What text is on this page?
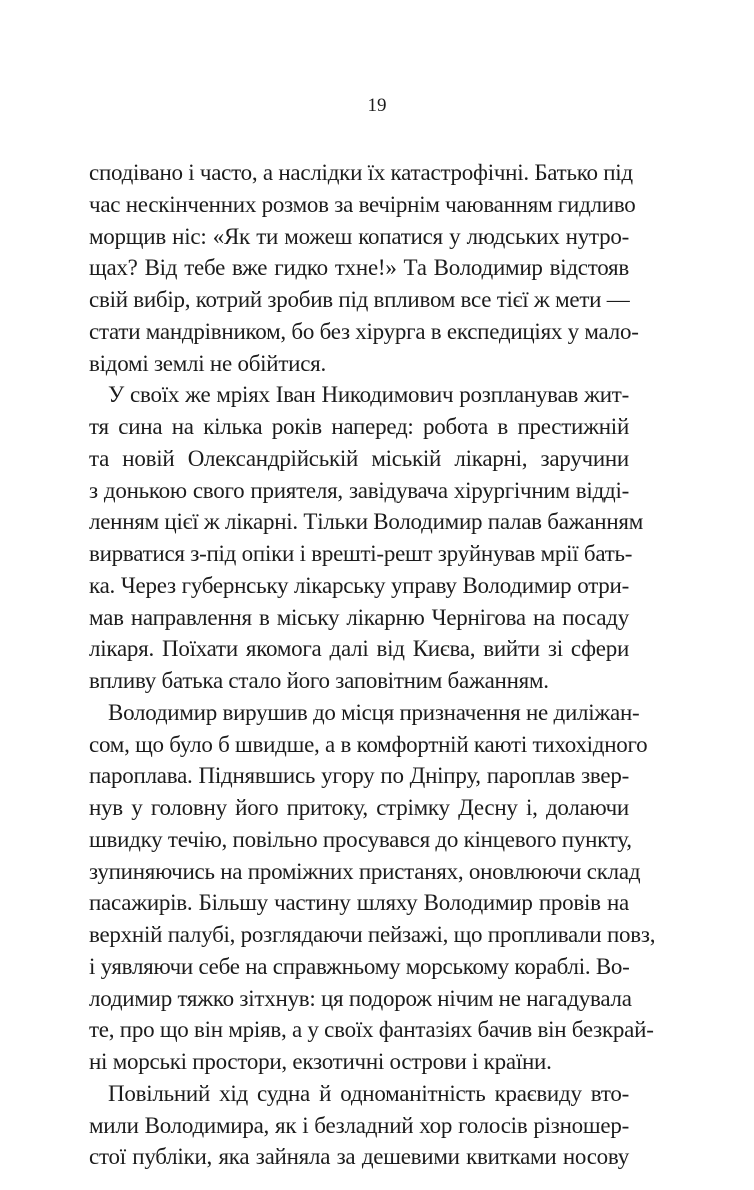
19
сподівано і часто, а наслідки їх катастрофічні. Батько під
час нескінченних розмов за вечірнім чаюванням гидливо
морщив ніс: «Як ти можеш копатися у людських нутро-
щах? Від тебе вже гидко тхне!» Та Володимир відстояв
свій вибір, котрий зробив під впливом все тієї ж мети —
стати мандрівником, бо без хірурга в експедиціях у мало-
відомі землі не обійтися.
У своїх же мріях Іван Никодимович розпланував жит-
тя сина на кілька років наперед: робота в престижній
та новій Олександрійській міській лікарні, заручини
з донькою свого приятеля, завідувача хірургічним відді-
ленням цієї ж лікарні. Тільки Володимир палав бажанням
вирватися з-під опіки і врешті-решт зруйнував мрії бать-
ка. Через губернську лікарську управу Володимир отри-
мав направлення в міську лікарню Чернігова на посаду
лікаря. Поїхати якомога далі від Києва, вийти зі сфери
впливу батька стало його заповітним бажанням.
Володимир вирушив до місця призначення не диліжан-
сом, що було б швидше, а в комфортній каюті тихохідного
пароплава. Піднявшись угору по Дніпру, пароплав звер-
нув у головну його притоку, стрімку Десну і, долаючи
швидку течію, повільно просувався до кінцевого пункту,
зупиняючись на проміжних пристанях, оновлюючи склад
пасажирів. Більшу частину шляху Володимир провів на
верхній палубі, розглядаючи пейзажі, що пропливали повз,
і уявляючи себе на справжньому морському кораблі. Во-
лодимир тяжко зітхнув: ця подорож нічим не нагадувала
те, про що він мріяв, а у своїх фантазіях бачив він безкрай-
ні морські простори, екзотичні острови і країни.
Повільний хід судна й одноманітність краєвиду вто-
мили Володимира, як і безладний хор голосів різношер-
стої публіки, яка зайняла за дешевими квитками носову
